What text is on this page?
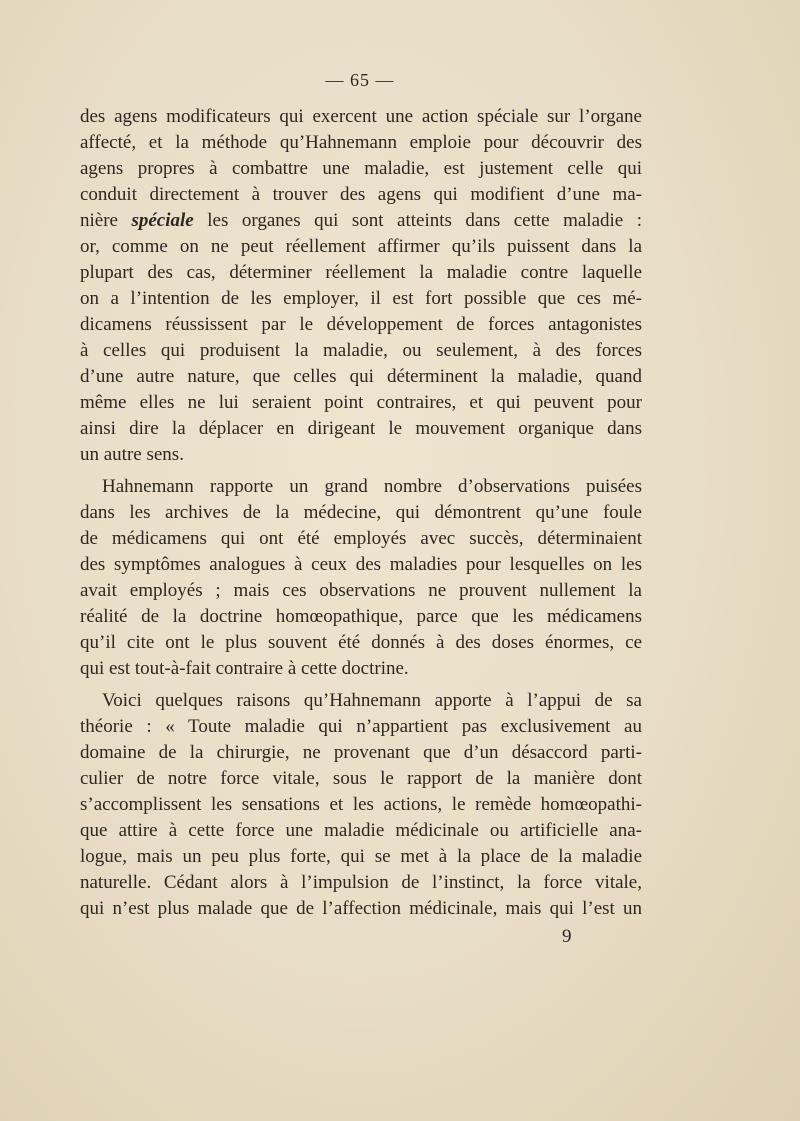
— 65 —
des agens modificateurs qui exercent une action spéciale sur l’organe
affecté, et la méthode qu’Hahnemann emploie pour découvrir des
agens propres à combattre une maladie, est justement celle qui
conduit directement à trouver des agens qui modifient d’une ma-
nière spéciale les organes qui sont atteints dans cette maladie :
or, comme on ne peut réellement affirmer qu’ils puissent dans la
plupart des cas, déterminer réellement la maladie contre laquelle
on a l’intention de les employer, il est fort possible que ces mé-
dicamens réussissent par le développement de forces antagonistes
à celles qui produisent la maladie, ou seulement, à des forces
d’une autre nature, que celles qui déterminent la maladie, quand
même elles ne lui seraient point contraires, et qui peuvent pour
ainsi dire la déplacer en dirigeant le mouvement organique dans
un autre sens.
Hahnemann rapporte un grand nombre d’observations puisées
dans les archives de la médecine, qui démontrent qu’une foule
de médicamens qui ont été employés avec succès, déterminaient
des symptômes analogues à ceux des maladies pour lesquelles on les
avait employés ; mais ces observations ne prouvent nullement la
réalité de la doctrine homœopathique, parce que les médicamens
qu’il cite ont le plus souvent été donnés à des doses énormes, ce
qui est tout-à-fait contraire à cette doctrine.
Voici quelques raisons qu’Hahnemann apporte à l’appui de sa
théorie : « Toute maladie qui n’appartient pas exclusivement au
domaine de la chirurgie, ne provenant que d’un désaccord parti-
culier de notre force vitale, sous le rapport de la manière dont
s’accomplissent les sensations et les actions, le remède homœopathi-
que attire à cette force une maladie médicinale ou artificielle ana-
logue, mais un peu plus forte, qui se met à la place de la maladie
naturelle. Cédant alors à l’impulsion de l’instinct, la force vitale,
qui n’est plus malade que de l’affection médicinale, mais qui l’est un
9
